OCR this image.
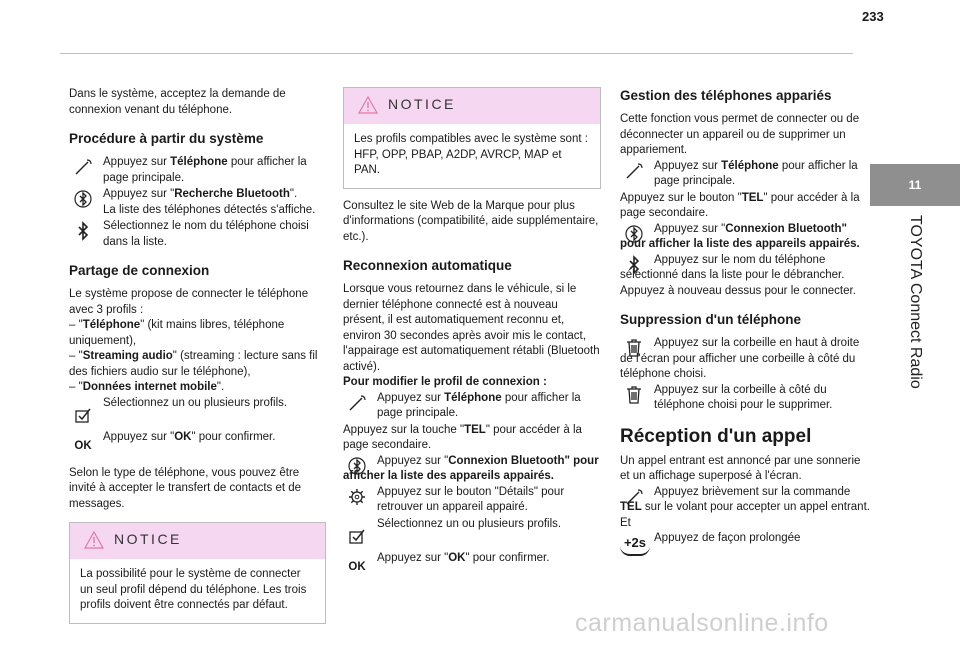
233
11
TOYOTA Connect Radio

Dans le système, acceptez la demande de connexion venant du téléphone.

Procédure à partir du système
Appuyez sur Téléphone pour afficher la page principale.
Appuyez sur "Recherche Bluetooth".
La liste des téléphones détectés s'affiche.
Sélectionnez le nom du téléphone choisi dans la liste.
Partage de connexion

Le système propose de connecter le téléphone avec 3 profils :

– "Téléphone" (kit mains libres, téléphone uniquement),

– "Streaming audio" (streaming : lecture sans fil des fichiers audio sur le téléphone),

– "Données internet mobile".

Sélectionnez un ou plusieurs profils.
OK
Appuyez sur "OK" pour confirmer.

Selon le type de téléphone, vous pouvez être invité à accepter le transfert de contacts et de messages.

NOTICE
La possibilité pour le système de connecter un seul profil dépend du téléphone. Les trois profils doivent être connectés par défaut.
NOTICE
Les profils compatibles avec le système sont : HFP, OPP, PBAP, A2DP, AVRCP, MAP et PAN.

Consultez le site Web de la Marque pour plus d'informations (compatibilité, aide supplémentaire, etc.).

Reconnexion automatique

Lorsque vous retournez dans le véhicule, si le dernier téléphone connecté est à nouveau présent, il est automatiquement reconnu et, environ 30 secondes après avoir mis le contact, l'appairage est automatiquement rétabli (Bluetooth activé).

Pour modifier le profil de connexion :

Appuyez sur Téléphone pour afficher la page principale.

Appuyez sur la touche "TEL" pour accéder à la page secondaire.

Appuyez sur "Connexion Bluetooth" pour afficher la liste des appareils appairés.
Appuyez sur le bouton "Détails" pour retrouver un appareil appairé.
Sélectionnez un ou plusieurs profils.
OK
Appuyez sur "OK" pour confirmer.
Gestion des téléphones appariés

Cette fonction vous permet de connecter ou de déconnecter un appareil ou de supprimer un appariement.

Appuyez sur Téléphone pour afficher la page principale.

Appuyez sur le bouton "TEL" pour accéder à la page secondaire.

Appuyez sur "Connexion Bluetooth" pour afficher la liste des appareils appairés.
Appuyez sur le nom du téléphone sélectionné dans la liste pour le débrancher.

Appuyez à nouveau dessus pour le connecter.

Suppression d'un téléphone
Appuyez sur la corbeille en haut à droite de l'écran pour afficher une corbeille à côté du téléphone choisi.
Appuyez sur la corbeille à côté du téléphone choisi pour le supprimer.
Réception d'un appel

Un appel entrant est annoncé par une sonnerie et un affichage superposé à l'écran.

Appuyez brièvement sur la commande TEL sur le volant pour accepter un appel entrant.

Et

+2s Appuyez de façon prolongée
carmanualsonline.info
